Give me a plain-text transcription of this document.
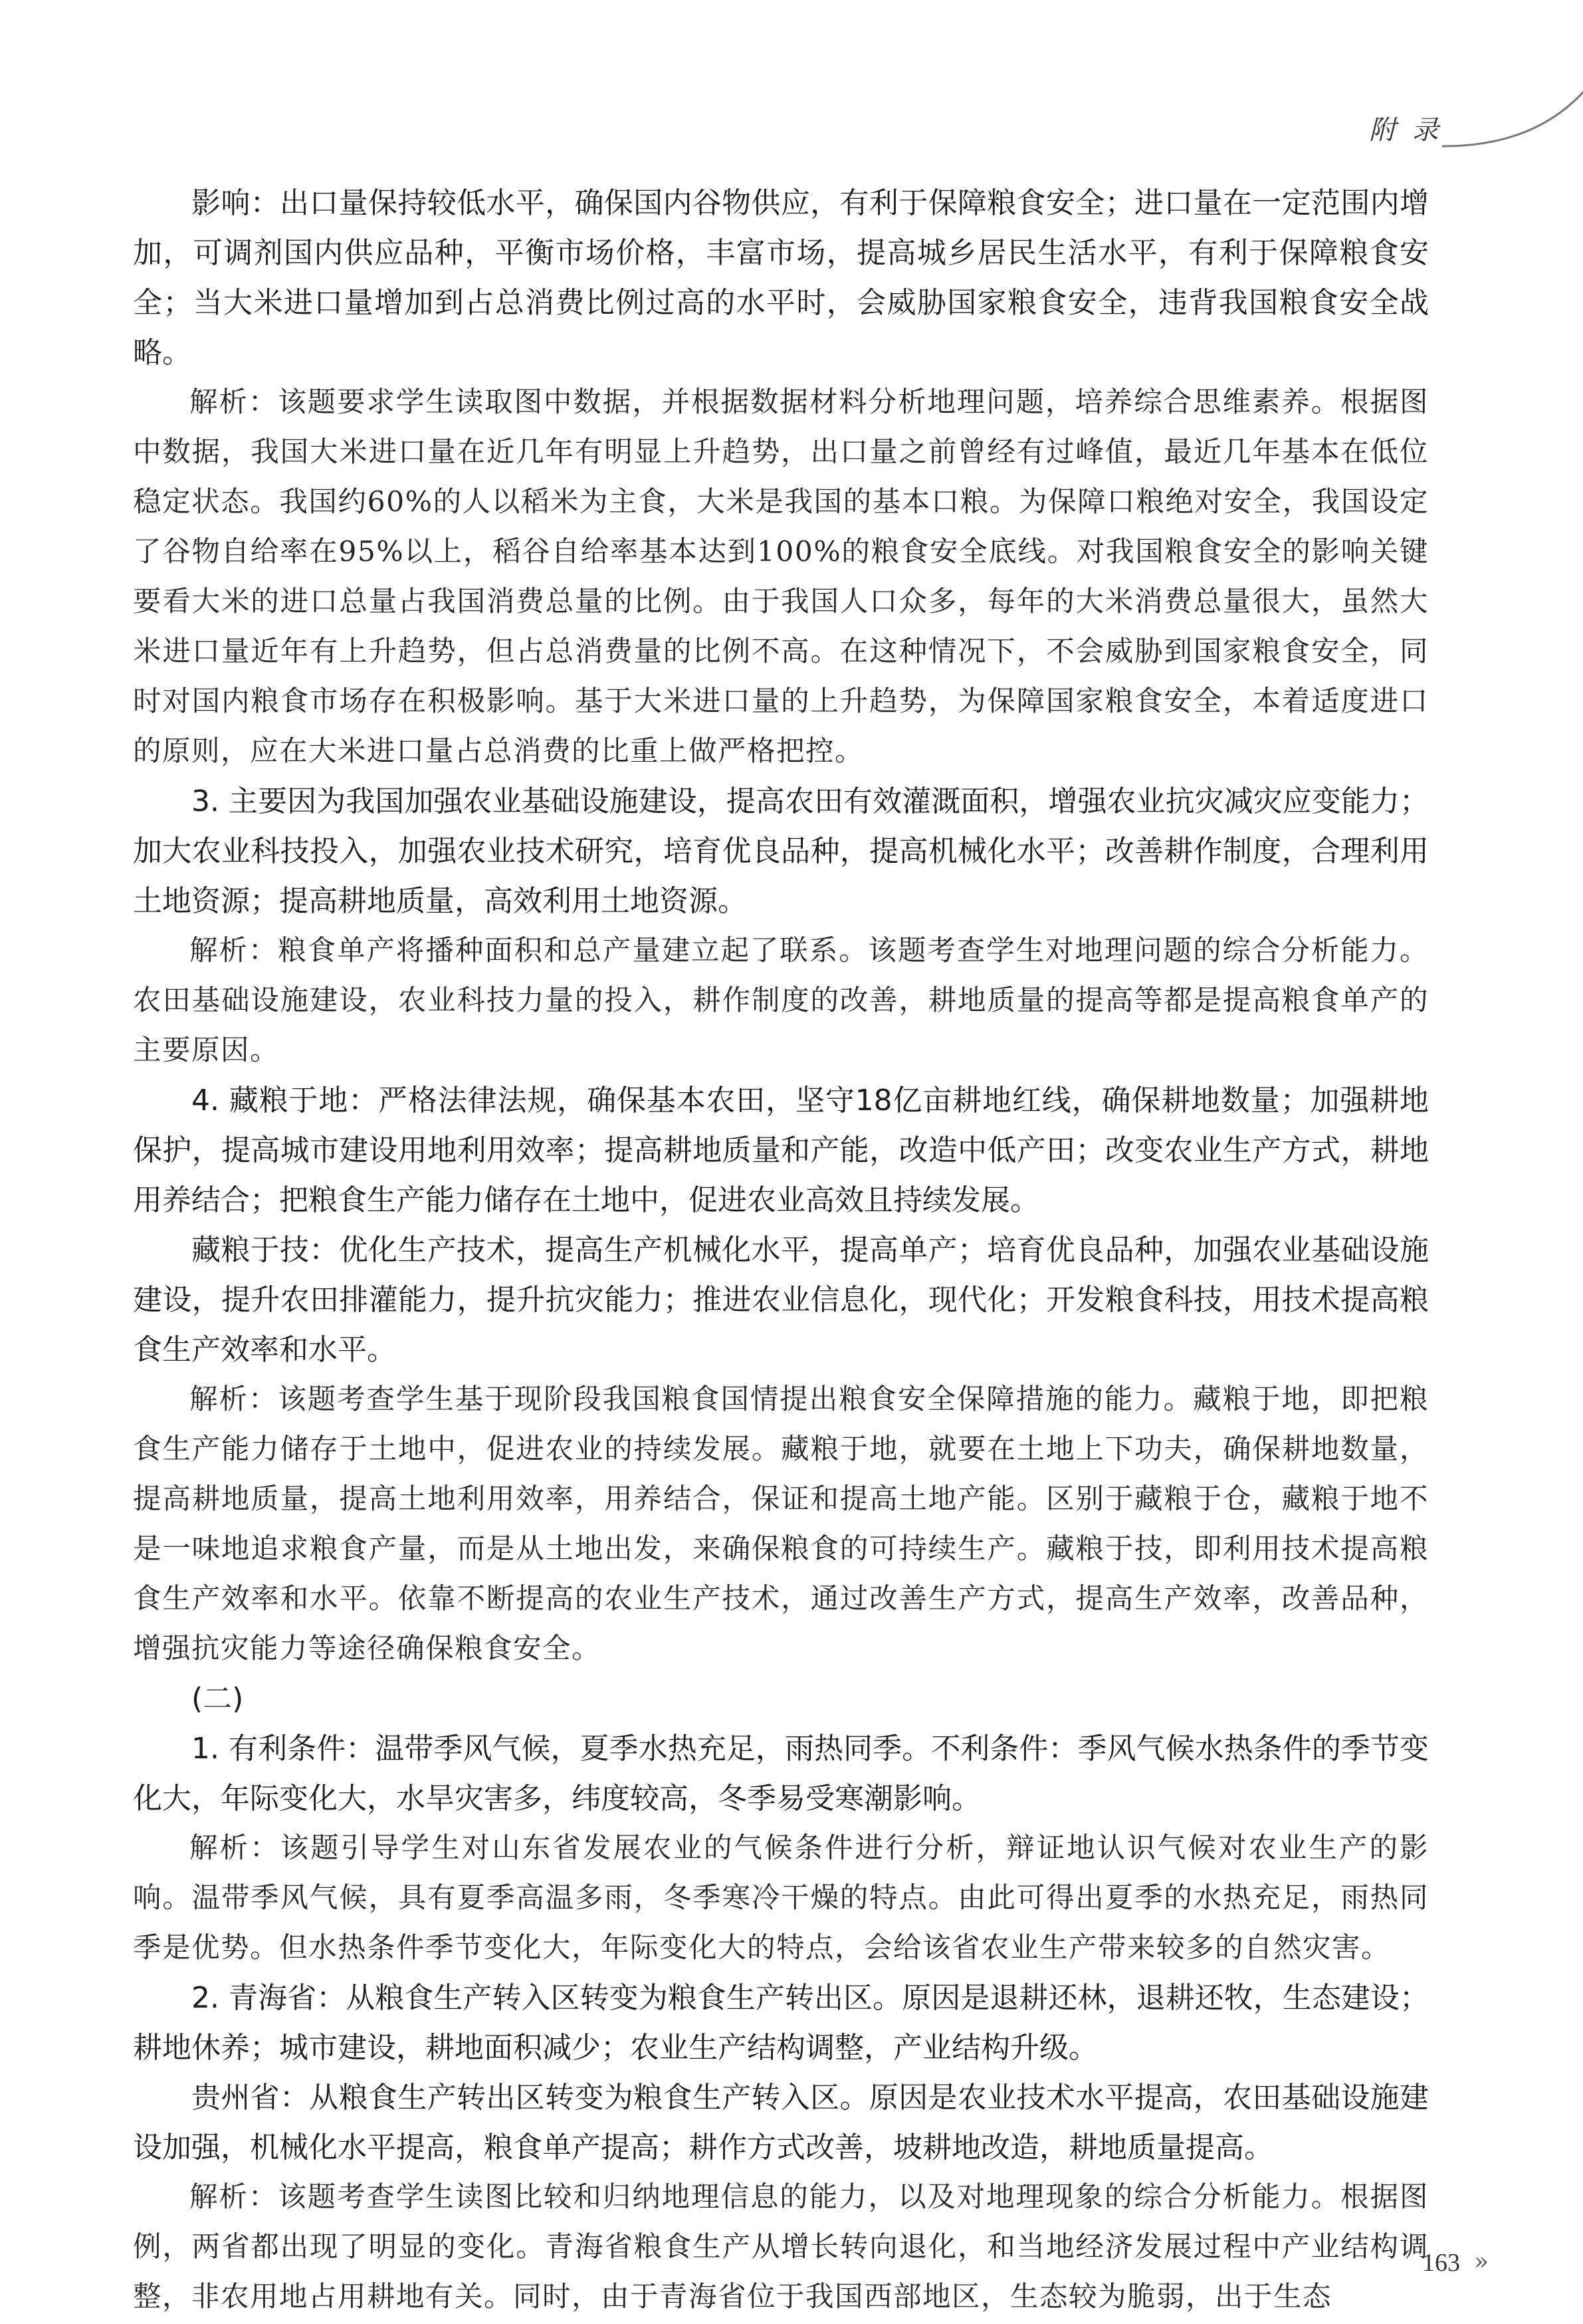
附 录

影响：出口量保持较低水平，确保国内谷物供应，有利于保障粮食安全；进口量在一定范围内增加，可调剂国内供应品种，平衡市场价格，丰富市场，提高城乡居民生活水平，有利于保障粮食安全；当大米进口量增加到占总消费比例过高的水平时，会威胁国家粮食安全，违背我国粮食安全战略。

解析：该题要求学生读取图中数据，并根据数据材料分析地理问题，培养综合思维素养。根据图中数据，我国大米进口量在近几年有明显上升趋势，出口量之前曾经有过峰值，最近几年基本在低位稳定状态。我国约60%的人以稻米为主食，大米是我国的基本口粮。为保障口粮绝对安全，我国设定了谷物自给率在95%以上，稻谷自给率基本达到100%的粮食安全底线。对我国粮食安全的影响关键要看大米的进口总量占我国消费总量的比例。由于我国人口众多，每年的大米消费总量很大，虽然大米进口量近年有上升趋势，但占总消费量的比例不高。在这种情况下，不会威胁到国家粮食安全，同时对国内粮食市场存在积极影响。基于大米进口量的上升趋势，为保障国家粮食安全，本着适度进口的原则，应在大米进口量占总消费的比重上做严格把控。

3. 主要因为我国加强农业基础设施建设，提高农田有效灌溉面积，增强农业抗灾减灾应变能力；加大农业科技投入，加强农业技术研究，培育优良品种，提高机械化水平；改善耕作制度，合理利用土地资源；提高耕地质量，高效利用土地资源。

解析：粮食单产将播种面积和总产量建立起了联系。该题考查学生对地理问题的综合分析能力。农田基础设施建设，农业科技力量的投入，耕作制度的改善，耕地质量的提高等都是提高粮食单产的主要原因。

4. 藏粮于地：严格法律法规，确保基本农田，坚守18亿亩耕地红线，确保耕地数量；加强耕地保护，提高城市建设用地利用效率；提高耕地质量和产能，改造中低产田；改变农业生产方式，耕地用养结合；把粮食生产能力储存在土地中，促进农业高效且持续发展。

藏粮于技：优化生产技术，提高生产机械化水平，提高单产；培育优良品种，加强农业基础设施建设，提升农田排灌能力，提升抗灾能力；推进农业信息化，现代化；开发粮食科技，用技术提高粮食生产效率和水平。

解析：该题考查学生基于现阶段我国粮食国情提出粮食安全保障措施的能力。藏粮于地，即把粮食生产能力储存于土地中，促进农业的持续发展。藏粮于地，就要在土地上下功夫，确保耕地数量，提高耕地质量，提高土地利用效率，用养结合，保证和提高土地产能。区别于藏粮于仓，藏粮于地不是一味地追求粮食产量，而是从土地出发，来确保粮食的可持续生产。藏粮于技，即利用技术提高粮食生产效率和水平。依靠不断提高的农业生产技术，通过改善生产方式，提高生产效率，改善品种，增强抗灾能力等途径确保粮食安全。

(二)

1. 有利条件：温带季风气候，夏季水热充足，雨热同季。不利条件：季风气候水热条件的季节变化大，年际变化大，水旱灾害多，纬度较高，冬季易受寒潮影响。

解析：该题引导学生对山东省发展农业的气候条件进行分析，辩证地认识气候对农业生产的影响。温带季风气候，具有夏季高温多雨，冬季寒冷干燥的特点。由此可得出夏季的水热充足，雨热同季是优势。但水热条件季节变化大，年际变化大的特点，会给该省农业生产带来较多的自然灾害。

2. 青海省：从粮食生产转入区转变为粮食生产转出区。原因是退耕还林，退耕还牧，生态建设；耕地休养；城市建设，耕地面积减少；农业生产结构调整，产业结构升级。

贵州省：从粮食生产转出区转变为粮食生产转入区。原因是农业技术水平提高，农田基础设施建设加强，机械化水平提高，粮食单产提高；耕作方式改善，坡耕地改造，耕地质量提高。

解析：该题考查学生读图比较和归纳地理信息的能力，以及对地理现象的综合分析能力。根据图例，两省都出现了明显的变化。青海省粮食生产从增长转向退化，和当地经济发展过程中产业结构调整，非农用地占用耕地有关。同时，由于青海省位于我国西部地区，生态较为脆弱，出于生态

163 »
